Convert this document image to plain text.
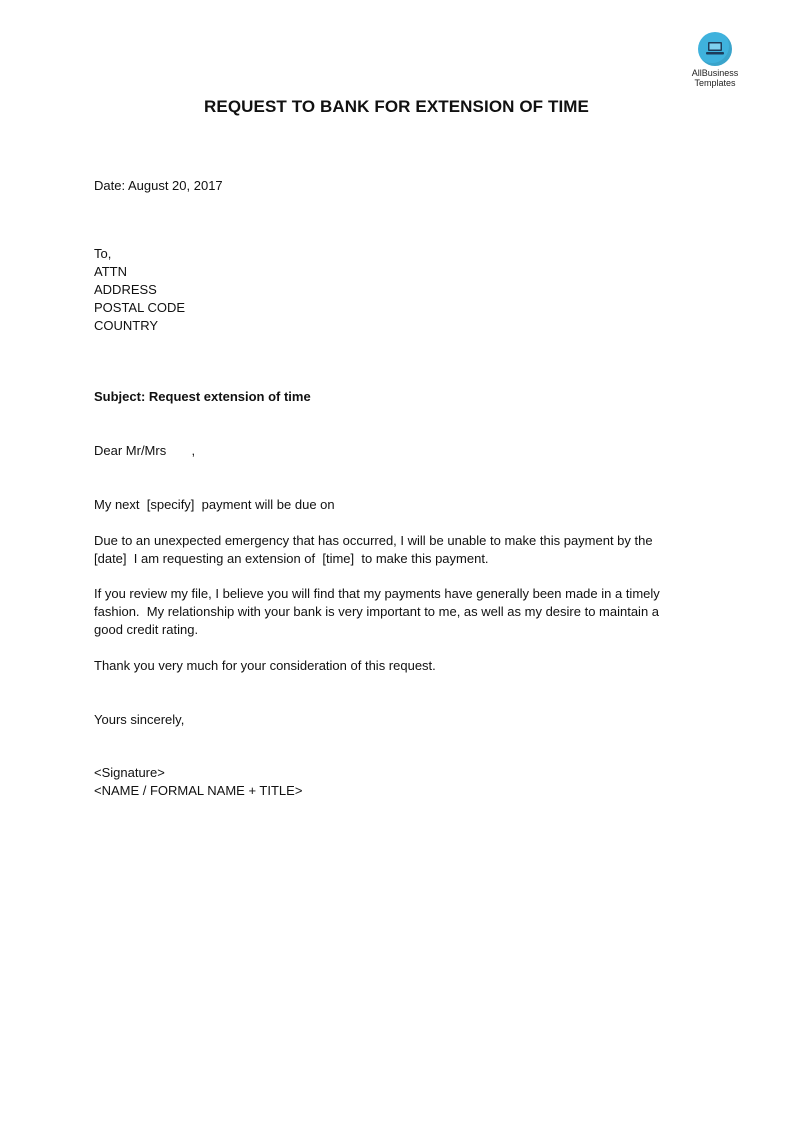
AllBusiness
Templates
REQUEST TO BANK FOR EXTENSION OF TIME

Date: August 20, 2017

To,

ATTN

ADDRESS

POSTAL CODE

COUNTRY

Subject: Request extension of time

Dear Mr/Mrs       ,

My next  [specify]  payment will be due on

Due to an unexpected emergency that has occurred, I will be unable to make this payment by the
[date]  I am requesting an extension of  [time]  to make this payment.
If you review my file, I believe you will find that my payments have generally been made in a timely
fashion.  My relationship with your bank is very important to me, as well as my desire to maintain a
good credit rating.

Thank you very much for your consideration of this request.

Yours sincerely,

<Signature>

<NAME / FORMAL NAME + TITLE>
